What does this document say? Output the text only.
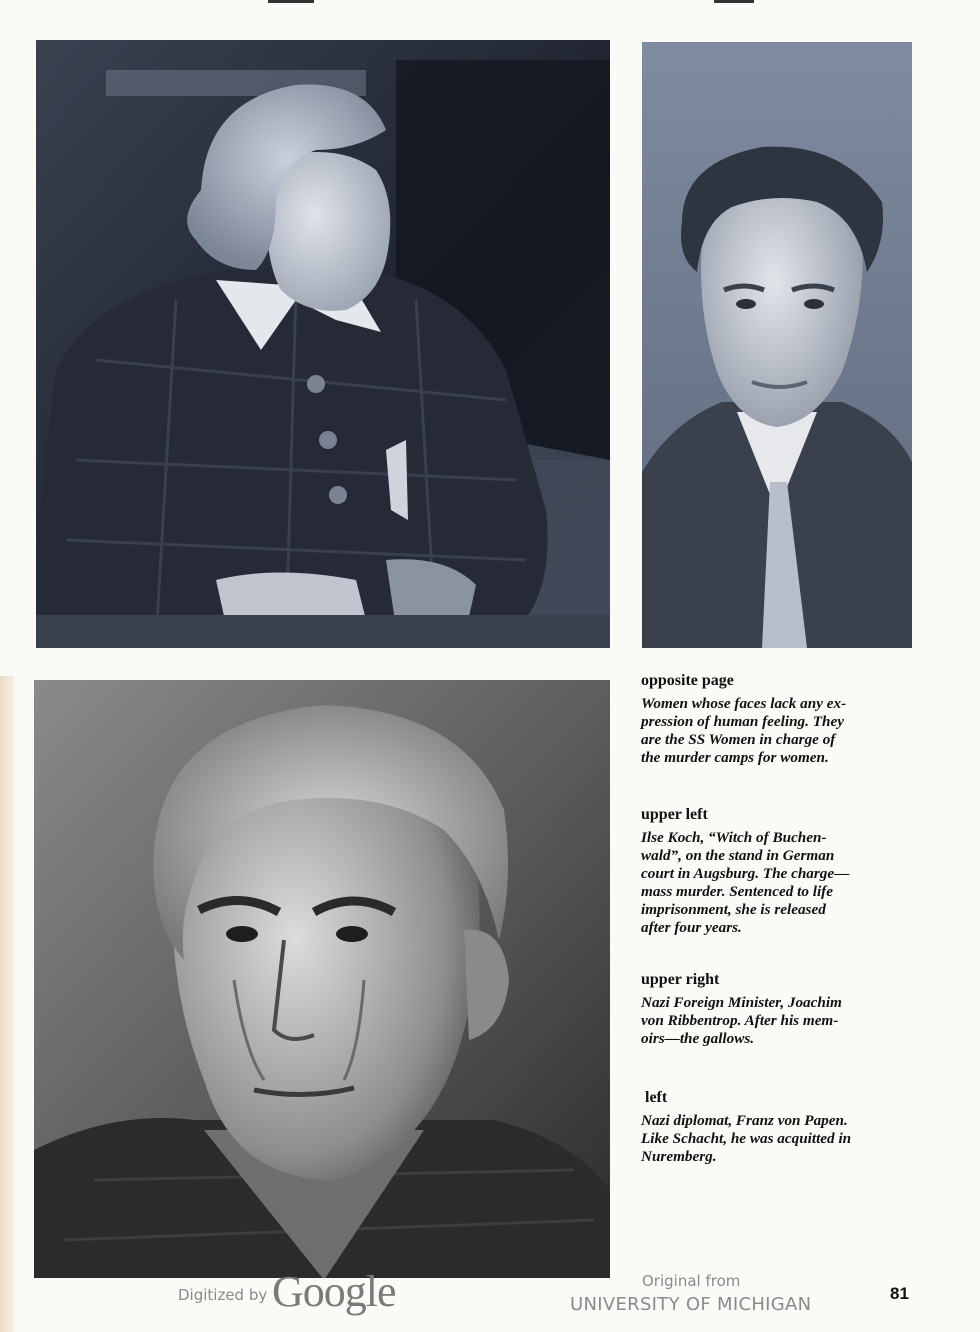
opposite page
Women whose faces lack any ex-
pression of human feeling. They
are the SS Women in charge of
the murder camps for women.
upper left
Ilse Koch, “Witch of Buchen-
wald”, on the stand in German
court in Augsburg. The charge—
mass murder. Sentenced to life
imprisonment, she is released
after four years.
upper right
Nazi Foreign Minister, Joachim
von Ribbentrop. After his mem-
oirs—the gallows.
left
Nazi diplomat, Franz von Papen.
Like Schacht, he was acquitted in
Nuremberg.
Digitized by Google	Original from
UNIVERSITY OF MICHIGAN
81
